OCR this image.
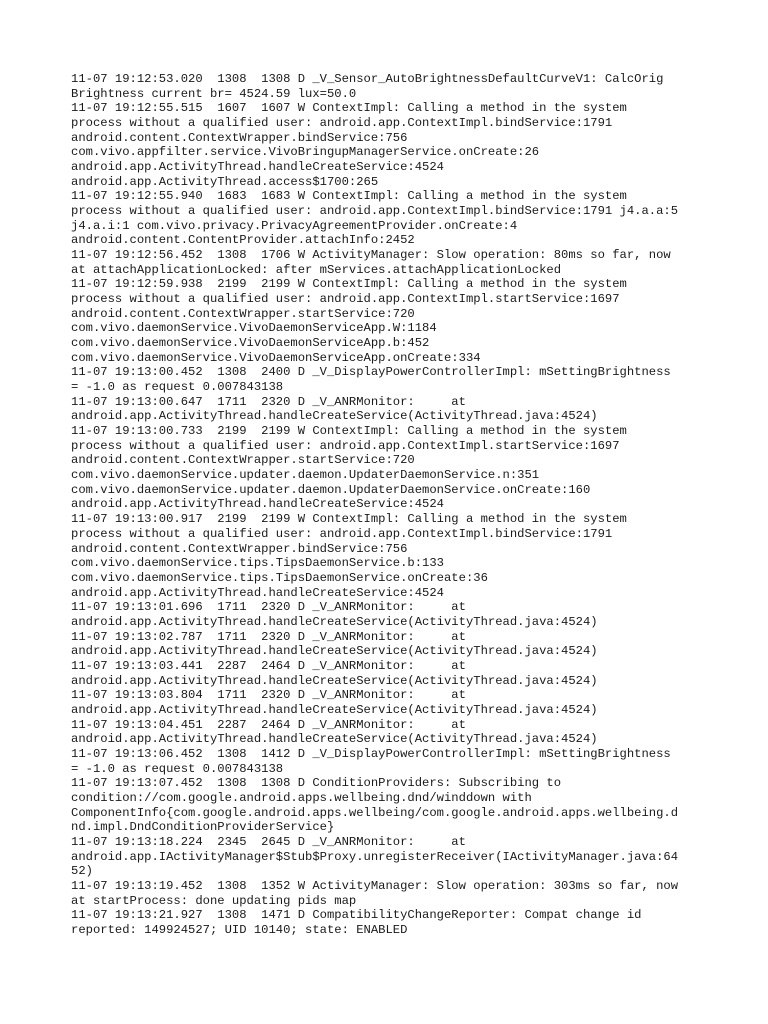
11-07 19:12:53.020  1308  1308 D _V_Sensor_AutoBrightnessDefaultCurveV1: CalcOrig
Brightness current br= 4524.59 lux=50.0
11-07 19:12:55.515  1607  1607 W ContextImpl: Calling a method in the system
process without a qualified user: android.app.ContextImpl.bindService:1791
android.content.ContextWrapper.bindService:756
com.vivo.appfilter.service.VivoBringupManagerService.onCreate:26
android.app.ActivityThread.handleCreateService:4524
android.app.ActivityThread.access$1700:265
11-07 19:12:55.940  1683  1683 W ContextImpl: Calling a method in the system
process without a qualified user: android.app.ContextImpl.bindService:1791 j4.a.a:5
j4.a.i:1 com.vivo.privacy.PrivacyAgreementProvider.onCreate:4
android.content.ContentProvider.attachInfo:2452
11-07 19:12:56.452  1308  1706 W ActivityManager: Slow operation: 80ms so far, now
at attachApplicationLocked: after mServices.attachApplicationLocked
11-07 19:12:59.938  2199  2199 W ContextImpl: Calling a method in the system
process without a qualified user: android.app.ContextImpl.startService:1697
android.content.ContextWrapper.startService:720
com.vivo.daemonService.VivoDaemonServiceApp.W:1184
com.vivo.daemonService.VivoDaemonServiceApp.b:452
com.vivo.daemonService.VivoDaemonServiceApp.onCreate:334
11-07 19:13:00.452  1308  2400 D _V_DisplayPowerControllerImpl: mSettingBrightness
= -1.0 as request 0.007843138
11-07 19:13:00.647  1711  2320 D _V_ANRMonitor:     at
android.app.ActivityThread.handleCreateService(ActivityThread.java:4524)
11-07 19:13:00.733  2199  2199 W ContextImpl: Calling a method in the system
process without a qualified user: android.app.ContextImpl.startService:1697
android.content.ContextWrapper.startService:720
com.vivo.daemonService.updater.daemon.UpdaterDaemonService.n:351
com.vivo.daemonService.updater.daemon.UpdaterDaemonService.onCreate:160
android.app.ActivityThread.handleCreateService:4524
11-07 19:13:00.917  2199  2199 W ContextImpl: Calling a method in the system
process without a qualified user: android.app.ContextImpl.bindService:1791
android.content.ContextWrapper.bindService:756
com.vivo.daemonService.tips.TipsDaemonService.b:133
com.vivo.daemonService.tips.TipsDaemonService.onCreate:36
android.app.ActivityThread.handleCreateService:4524
11-07 19:13:01.696  1711  2320 D _V_ANRMonitor:     at
android.app.ActivityThread.handleCreateService(ActivityThread.java:4524)
11-07 19:13:02.787  1711  2320 D _V_ANRMonitor:     at
android.app.ActivityThread.handleCreateService(ActivityThread.java:4524)
11-07 19:13:03.441  2287  2464 D _V_ANRMonitor:     at
android.app.ActivityThread.handleCreateService(ActivityThread.java:4524)
11-07 19:13:03.804  1711  2320 D _V_ANRMonitor:     at
android.app.ActivityThread.handleCreateService(ActivityThread.java:4524)
11-07 19:13:04.451  2287  2464 D _V_ANRMonitor:     at
android.app.ActivityThread.handleCreateService(ActivityThread.java:4524)
11-07 19:13:06.452  1308  1412 D _V_DisplayPowerControllerImpl: mSettingBrightness
= -1.0 as request 0.007843138
11-07 19:13:07.452  1308  1308 D ConditionProviders: Subscribing to
condition://com.google.android.apps.wellbeing.dnd/winddown with
ComponentInfo{com.google.android.apps.wellbeing/com.google.android.apps.wellbeing.d
nd.impl.DndConditionProviderService}
11-07 19:13:18.224  2345  2645 D _V_ANRMonitor:     at
android.app.IActivityManager$Stub$Proxy.unregisterReceiver(IActivityManager.java:64
52)
11-07 19:13:19.452  1308  1352 W ActivityManager: Slow operation: 303ms so far, now
at startProcess: done updating pids map
11-07 19:13:21.927  1308  1471 D CompatibilityChangeReporter: Compat change id
reported: 149924527; UID 10140; state: ENABLED
